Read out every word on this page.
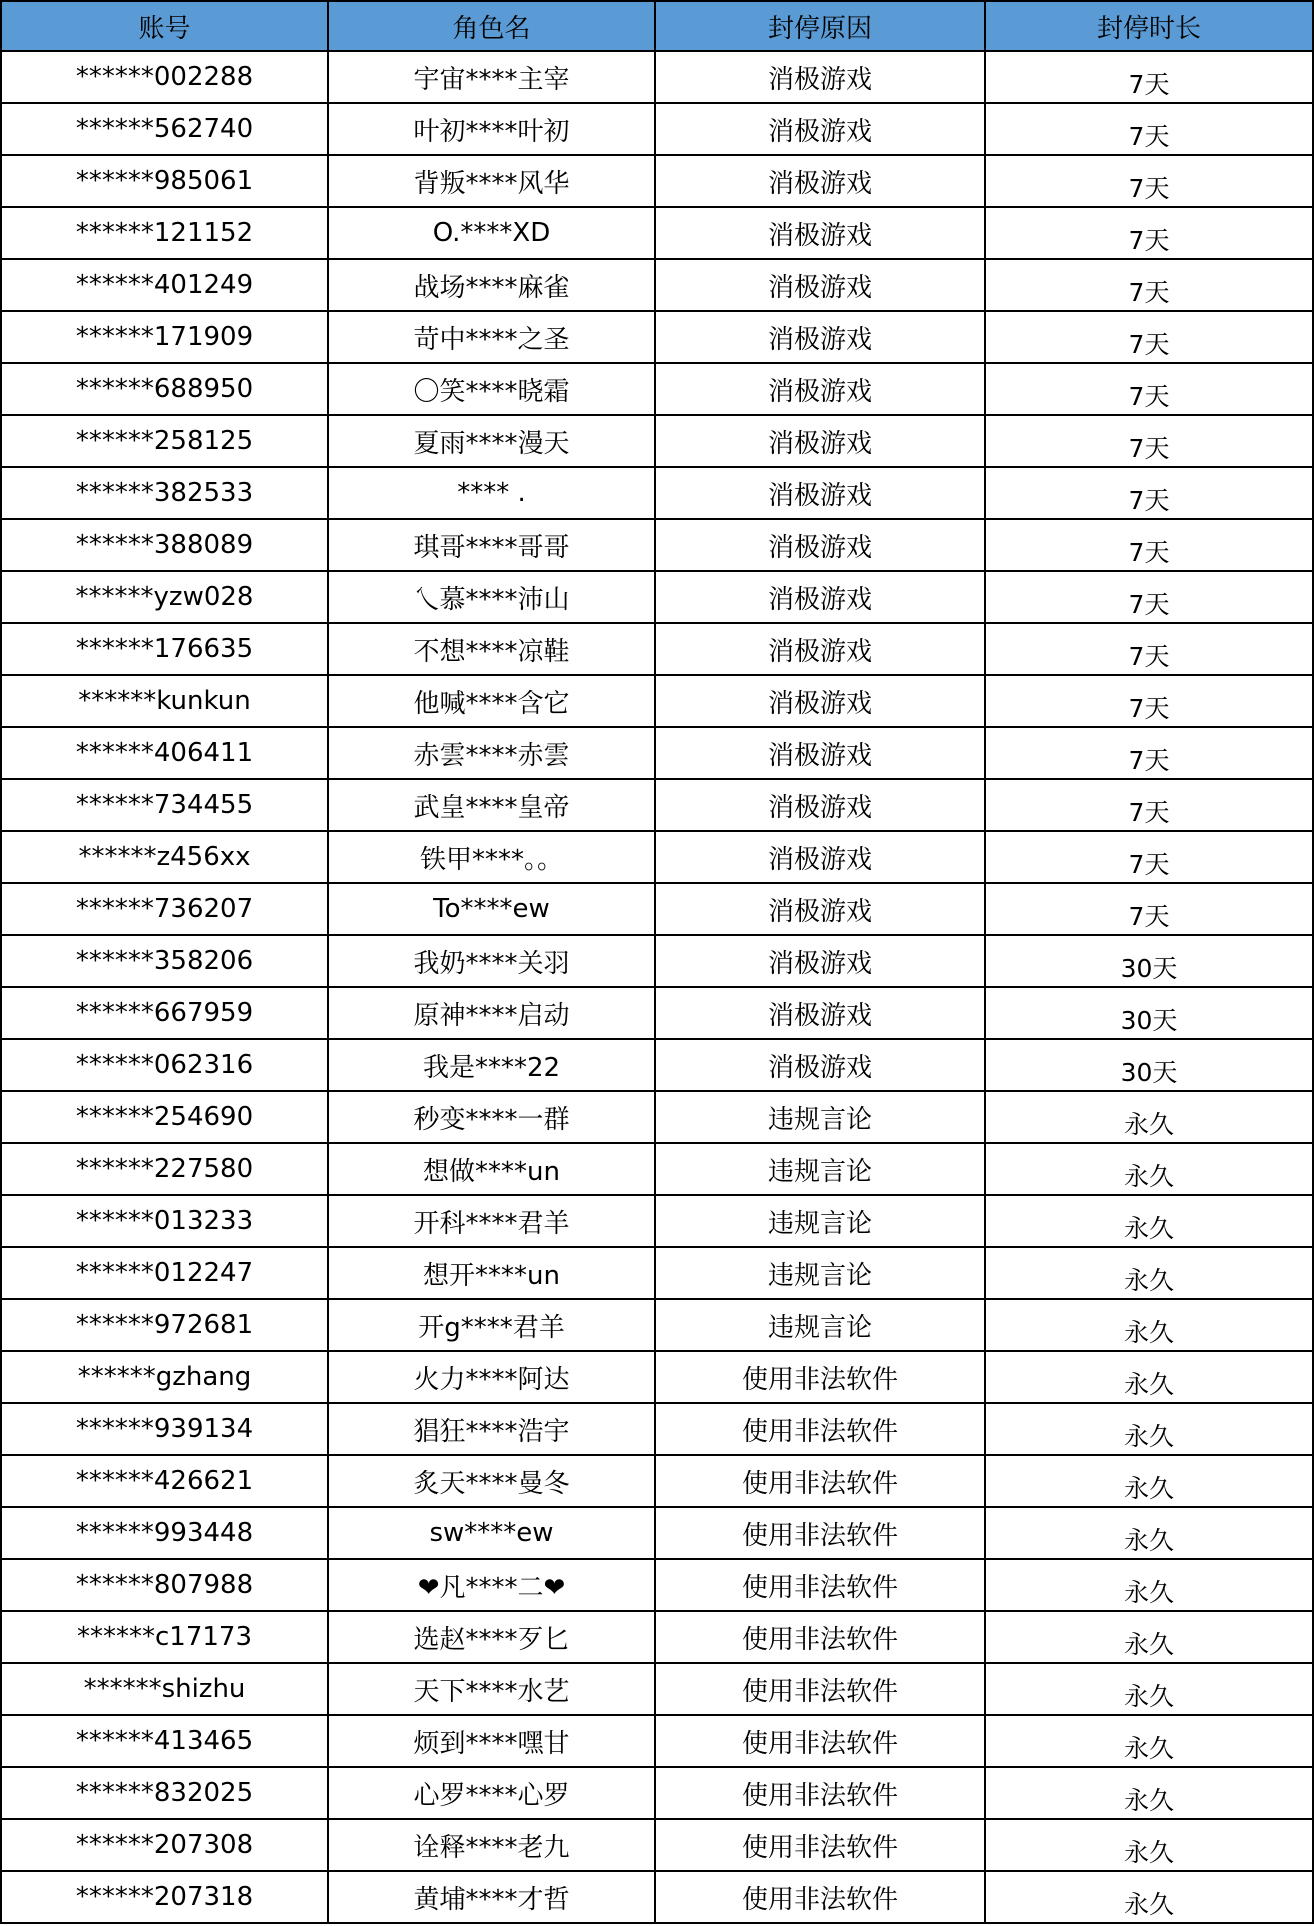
账号	角色名	封停原因	封停时长
******002288	宇宙****主宰	消极游戏	7天
******562740	叶初****叶初	消极游戏	7天
******985061	背叛****风华	消极游戏	7天
******121152	O.****XD	消极游戏	7天
******401249	战场****麻雀	消极游戏	7天
******171909	苛中****之圣	消极游戏	7天
******688950	〇笑****晓霜	消极游戏	7天
******258125	夏雨****漫天	消极游戏	7天
******382533	**** .	消极游戏	7天
******388089	琪哥****哥哥	消极游戏	7天
******yzw028	乀慕****沛山	消极游戏	7天
******176635	不想****凉鞋	消极游戏	7天
******kunkun	他喊****含它	消极游戏	7天
******406411	赤雲****赤雲	消极游戏	7天
******734455	武皇****皇帝	消极游戏	7天
******z456xx	铁甲****。。	消极游戏	7天
******736207	To****ew	消极游戏	7天
******358206	我奶****关羽	消极游戏	30天
******667959	原神****启动	消极游戏	30天
******062316	我是****22	消极游戏	30天
******254690	秒变****一群	违规言论	永久
******227580	想做****un	违规言论	永久
******013233	开科****君羊	违规言论	永久
******012247	想开****un	违规言论	永久
******972681	开g****君羊	违规言论	永久
******gzhang	火力****阿达	使用非法软件	永久
******939134	猖狂****浩宇	使用非法软件	永久
******426621	炙天****曼冬	使用非法软件	永久
******993448	sw****ew	使用非法软件	永久
******807988	❤凡****二❤	使用非法软件	永久
******c17173	选赵****歹匕	使用非法软件	永久
******shizhu	天下****水艺	使用非法软件	永久
******413465	烦到****嘿甘	使用非法软件	永久
******832025	心罗****心罗	使用非法软件	永久
******207308	诠释****老九	使用非法软件	永久
******207318	黄埔****才哲	使用非法软件	永久
